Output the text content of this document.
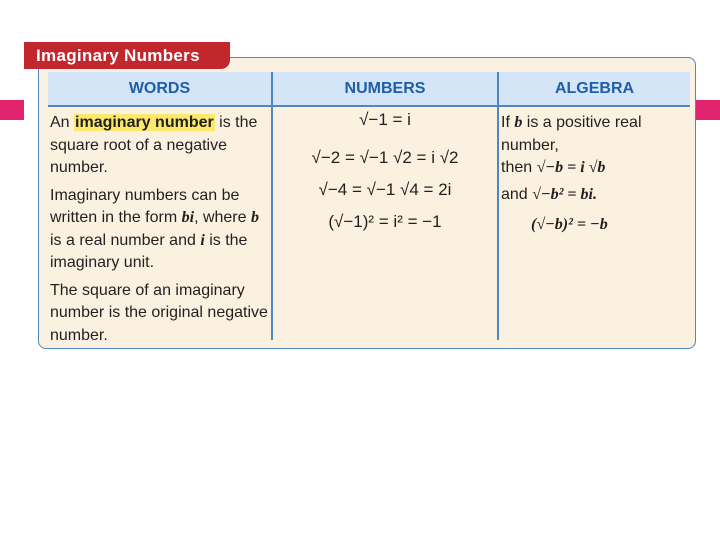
Imaginary Numbers
WORDS	NUMBERS	ALGEBRA

An imaginary number is the square root of a negative number.

Imaginary numbers can be written in the form bi, where b is a real number and i is the imaginary unit.

The square of an imaginary number is the original negative number.

√−1 = i
√−2 = √−1 √2 = i √2
√−4 = √−1 √4 = 2i
(√−1)² = i² = −1

If b is a positive real number,

then √−b = i √b

and √−b² = bi.

(√−b)² = −b
